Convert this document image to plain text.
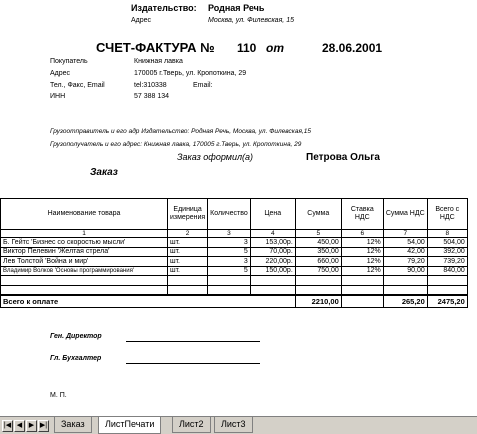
Издательство: Родная Речь
Адрес	Москва, ул. Филевская, 15
СЧЕТ-ФАКТУРА № 110 от	28.06.2001
Покупатель	Книжная лавка
Адрес	170005 г.Тверь, ул. Кропоткина, 29
Тел., Факс, Email	tel:310338	Email:
ИНН	57 388 134
Грузоотправитель и его адр Издательство: Родная Речь, Москва, ул. Филевская,15
Грузополучатель и его адрес: Книжная лавка, 170005 г.Тверь, ул. Кропоткина, 29
Заказ оформил(а)	Петрова Ольга
Заказ
Наименование товара	Единица измерения	Количество	Цена	Сумма	Ставка НДС	Сумма НДС	Всего с НДС
1	2	3	4	5	6	7	8
Б. Гейтс 'Бизнес со скоростью мысли'	шт.	3	153,00р.	450,00	12%	54,00	504,00
Виктор Пелевин 'Желтая стрела'	шт.	5	70,00р.	350,00	12%	42,00	392,00
Лев Толстой 'Война и мир'	шт.	3	220,00р.	660,00	12%	79,20	739,20
Владимир Волков 'Основы программирования'	шт.	5	150,00р.	750,00	12%	90,00	840,00

Всего к оплате				2210,00		265,20	2475,20
Ген. Директор
Гл. Бухгалтер
М. П.
|◀ ◀ ▶ ▶|	Заказ	ЛистПечати	Лист2	Лист3
